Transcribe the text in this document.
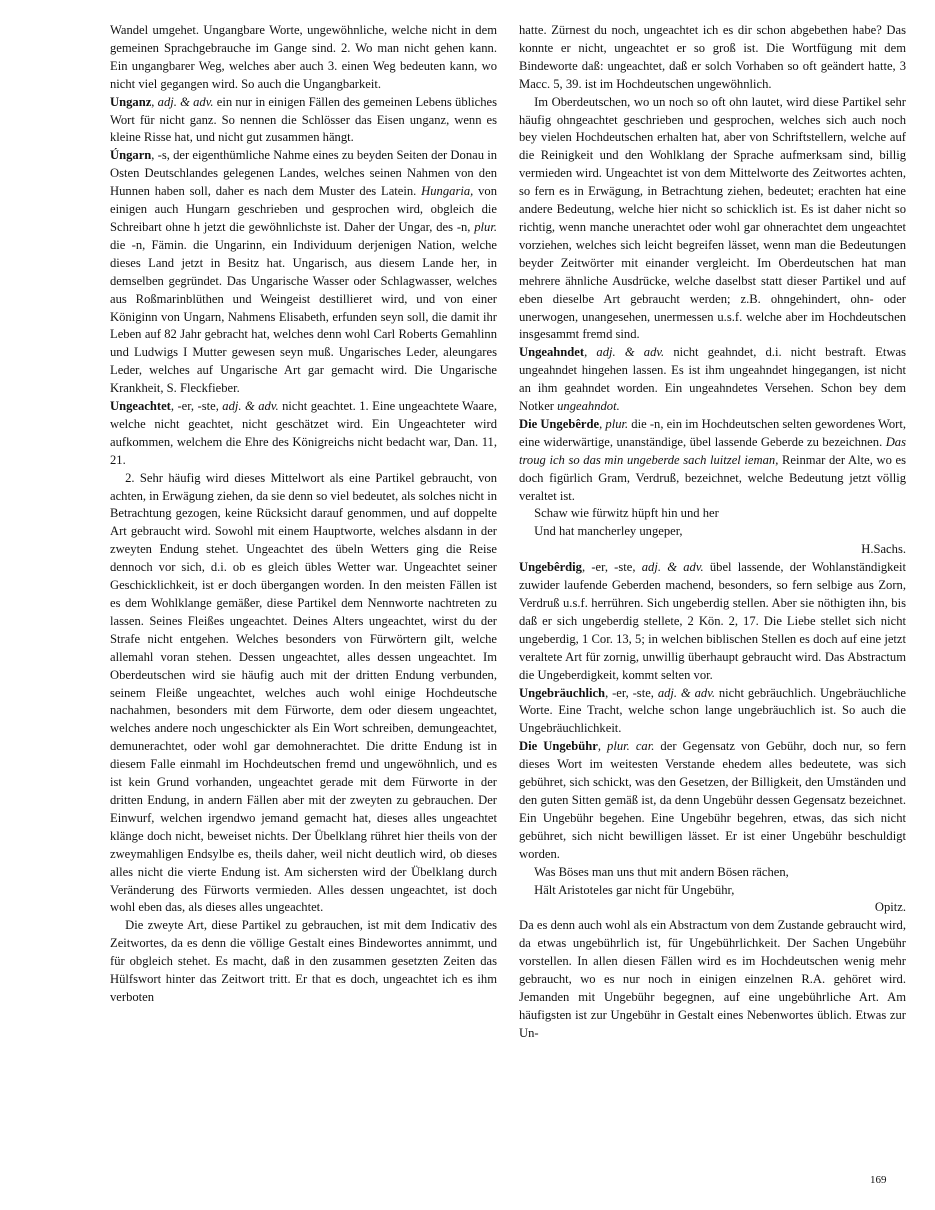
Wandel umgehet. Ungangbare Worte, ungewöhnliche, welche nicht in dem gemeinen Sprachgebrauche im Gange sind. 2. Wo man nicht gehen kann. Ein ungangbarer Weg, welches aber auch 3. einen Weg bedeuten kann, wo nicht viel gegangen wird. So auch die Ungangbarkeit.

Unganz, adj. & adv. ein nur in einigen Fällen des gemeinen Lebens übliches Wort für nicht ganz. So nennen die Schlösser das Eisen unganz, wenn es kleine Risse hat, und nicht gut zusammen hängt.

Úngarn, -s, der eigenthümliche Nahme eines zu beyden Seiten der Donau in Osten Deutschlandes gelegenen Landes, welches seinen Nahmen von den Hunnen haben soll, daher es nach dem Muster des Latein. Hungaria, von einigen auch Hungarn geschrieben und gesprochen wird, obgleich die Schreibart ohne h jetzt die gewöhnlichste ist. Daher der Ungar, des -n, plur. die -n, Fämin. die Ungarinn, ein Individuum derjenigen Nation, welche dieses Land jetzt in Besitz hat. Ungarisch, aus diesem Lande her, in demselben gegründet. Das Ungarische Wasser oder Schlagwasser, welches aus Roßmarinblüthen und Weingeist destillieret wird, und von einer Königinn von Ungarn, Nahmens Elisabeth, erfunden seyn soll, die damit ihr Leben auf 82 Jahr gebracht hat, welches denn wohl Carl Roberts Gemahlinn und Ludwigs I Mutter gewesen seyn muß. Ungarisches Leder, aleungares Leder, welches auf Ungarische Art gar gemacht wird. Die Ungarische Krankheit, S. Fleckfieber.

Ungeachtet, -er, -ste, adj. & adv. nicht geachtet. 1. Eine ungeachtete Waare, welche nicht geachtet, nicht geschätzet wird. Ein Ungeachteter wird aufkommen, welchem die Ehre des Königreichs nicht bedacht war, Dan. 11, 21.

2. Sehr häufig wird dieses Mittelwort als eine Partikel gebraucht, von achten, in Erwägung ziehen, da sie denn so viel bedeutet, als solches nicht in Betrachtung gezogen, keine Rücksicht darauf genommen, und auf doppelte Art gebraucht wird. Sowohl mit einem Hauptworte, welches alsdann in der zweyten Endung stehet. Ungeachtet des übeln Wetters ging die Reise dennoch vor sich, d.i. ob es gleich übles Wetter war. Ungeachtet seiner Geschicklichkeit, ist er doch übergangen worden. In den meisten Fällen ist es dem Wohlklange gemäßer, diese Partikel dem Nennworte nachtreten zu lassen. Seines Fleißes ungeachtet. Deines Alters ungeachtet, wirst du der Strafe nicht entgehen. Welches besonders von Fürwörtern gilt, welche allemahl voran stehen. Dessen ungeachtet, alles dessen ungeachtet. Im Oberdeutschen wird sie häufig auch mit der dritten Endung verbunden, seinem Fleiße ungeachtet, welches auch wohl einige Hochdeutsche nachahmen, besonders mit dem Fürworte, dem oder diesem ungeachtet, welches andere noch ungeschickter als Ein Wort schreiben, demungeachtet, demunerachtet, oder wohl gar demohnerachtet. Die dritte Endung ist in diesem Falle einmahl im Hochdeutschen fremd und ungewöhnlich, und es ist kein Grund vorhanden, ungeachtet gerade mit dem Fürworte in der dritten Endung, in andern Fällen aber mit der zweyten zu gebrauchen. Der Einwurf, welchen irgendwo jemand gemacht hat, dieses alles ungeachtet klänge doch nicht, beweiset nichts. Der Übelklang rühret hier theils von der zweymahligen Endsylbe es, theils daher, weil nicht deutlich wird, ob dieses alles nicht die vierte Endung ist. Am sichersten wird der Übelklang durch Veränderung des Fürworts vermieden. Alles dessen ungeachtet, ist doch wohl eben das, als dieses alles ungeachtet.

Die zweyte Art, diese Partikel zu gebrauchen, ist mit dem Indicativ des Zeitwortes, da es denn die völlige Gestalt eines Bindewortes annimmt, und für obgleich stehet. Es macht, daß in den zusammen gesetzten Zeiten das Hülfswort hinter das Zeitwort tritt. Er that es doch, ungeachtet ich es ihm verboten

hatte. Zürnest du noch, ungeachtet ich es dir schon abgebethen habe? Das konnte er nicht, ungeachtet er so groß ist. Die Wortfügung mit dem Bindeworte daß: ungeachtet, daß er solch Vorhaben so oft geändert hatte, 3 Macc. 5, 39. ist im Hochdeutschen ungewöhnlich.

Im Oberdeutschen, wo un noch so oft ohn lautet, wird diese Partikel sehr häufig ohngeachtet geschrieben und gesprochen, welches sich auch noch bey vielen Hochdeutschen erhalten hat, aber von Schriftstellern, welche auf die Reinigkeit und den Wohlklang der Sprache aufmerksam sind, billig vermieden wird. Ungeachtet ist von dem Mittelworte des Zeitwortes achten, so fern es in Erwägung, in Betrachtung ziehen, bedeutet; erachten hat eine andere Bedeutung, welche hier nicht so schicklich ist. Es ist daher nicht so richtig, wenn manche unerachtet oder wohl gar ohnerachtet dem ungeachtet vorziehen, welches sich leicht begreifen lässet, wenn man die Bedeutungen beyder Zeitwörter mit einander vergleicht. Im Oberdeutschen hat man mehrere ähnliche Ausdrücke, welche daselbst statt dieser Partikel und auf eben dieselbe Art gebraucht werden; z.B. ohngehindert, ohn- oder unerwogen, unangesehen, unermessen u.s.f. welche aber im Hochdeutschen insgesammt fremd sind.

Ungeahndet, adj. & adv. nicht geahndet, d.i. nicht bestraft. Etwas ungeahndet hingehen lassen. Es ist ihm ungeahndet hingegangen, ist nicht an ihm geahndet worden. Ein ungeahndetes Versehen. Schon bey dem Notker ungeahndot.

Die Ungebêrde, plur. die -n, ein im Hochdeutschen selten gewordenes Wort, eine widerwärtige, unanständige, übel lassende Geberde zu bezeichnen. Das troug ich so das min ungeberde sach luitzel ieman, Reinmar der Alte, wo es doch figürlich Gram, Verdruß, bezeichnet, welche Bedeutung jetzt völlig veraltet ist.

Schaw wie fürwitz hüpft hin und her

Und hat mancherley ungeper,

H.Sachs.

Ungebêrdig, -er, -ste, adj. & adv. übel lassende, der Wohlanständigkeit zuwider laufende Geberden machend, besonders, so fern selbige aus Zorn, Verdruß u.s.f. herrühren. Sich ungeberdig stellen. Aber sie nöthigten ihn, bis daß er sich ungeberdig stellete, 2 Kön. 2, 17. Die Liebe stellet sich nicht ungeberdig, 1 Cor. 13, 5; in welchen biblischen Stellen es doch auf eine jetzt veraltete Art für zornig, unwillig überhaupt gebraucht wird. Das Abstractum die Ungeberdigkeit, kommt selten vor.

Ungebräuchlich, -er, -ste, adj. & adv. nicht gebräuchlich. Ungebräuchliche Worte. Eine Tracht, welche schon lange ungebräuchlich ist. So auch die Ungebräuchlichkeit.

Die Ungebühr, plur. car. der Gegensatz von Gebühr, doch nur, so fern dieses Wort im weitesten Verstande ehedem alles bedeutete, was sich gebühret, sich schickt, was den Gesetzen, der Billigkeit, den Umständen und den guten Sitten gemäß ist, da denn Ungebühr dessen Gegensatz bezeichnet. Ein Ungebühr begehen. Eine Ungebühr begehren, etwas, das sich nicht gebühret, sich nicht bewilligen lässet. Er ist einer Ungebühr beschuldigt worden.

Was Böses man uns thut mit andern Bösen rächen,

Hält Aristoteles gar nicht für Ungebühr,

Opitz.

Da es denn auch wohl als ein Abstractum von dem Zustande gebraucht wird, da etwas ungebührlich ist, für Ungebührlichkeit. Der Sachen Ungebühr vorstellen. In allen diesen Fällen wird es im Hochdeutschen wenig mehr gebraucht, wo es nur noch in einigen einzelnen R.A. gehöret wird. Jemanden mit Ungebühr begegnen, auf eine ungebührliche Art. Am häufigsten ist zur Ungebühr in Gestalt eines Nebenwortes üblich. Etwas zur Un-

169
